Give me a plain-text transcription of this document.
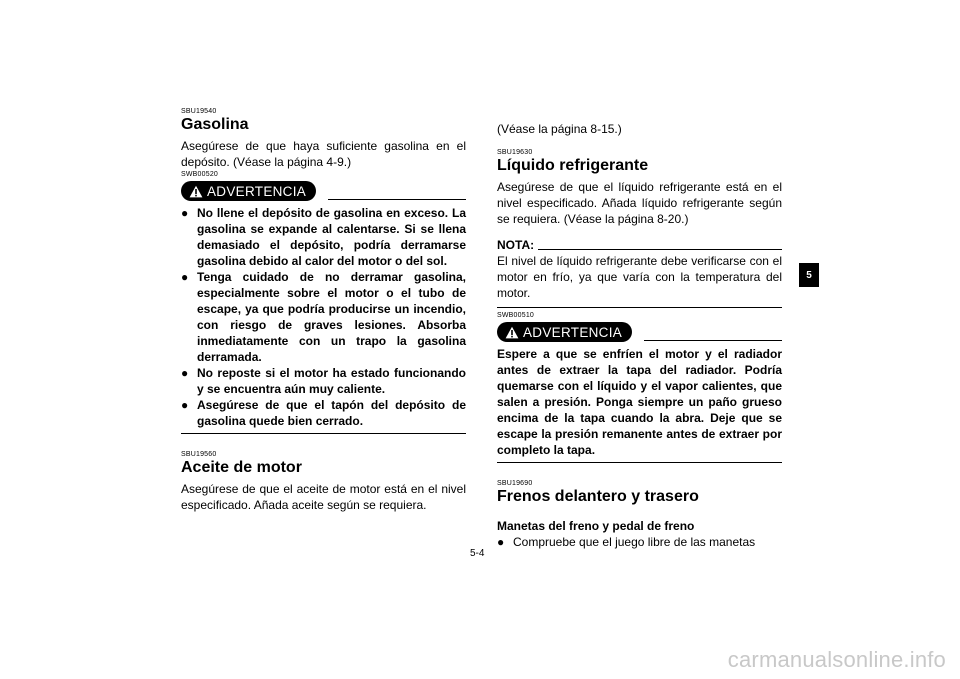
SBU19540

Gasolina

Asegúrese de que haya suficiente gasolina en el depósito. (Véase la página 4-9.)

SWB00520

ADVERTENCIA
● No llene el depósito de gasolina en exceso. La gasolina se expande al calentarse. Si se llena demasiado el depósito, podría derramarse gasolina debido al calor del motor o del sol.
● Tenga cuidado de no derramar gasolina, especialmente sobre el motor o el tubo de escape, ya que podría producirse un incendio, con riesgo de graves lesiones. Absorba inmediatamente con un trapo la gasolina derramada.
● No reposte si el motor ha estado funcionando y se encuentra aún muy caliente.
● Asegúrese de que el tapón del depósito de gasolina quede bien cerrado.

SBU19560

Aceite de motor

Asegúrese de que el aceite de motor está en el nivel especificado. Añada aceite según se requiera.

(Véase la página 8-15.)

SBU19630

Líquido refrigerante

Asegúrese de que el líquido refrigerante está en el nivel especificado. Añada líquido refrigerante según se requiera. (Véase la página 8-20.)

NOTA:

El nivel de líquido refrigerante debe verificarse con el motor en frío, ya que varía con la temperatura del motor.

SWB00510

ADVERTENCIA

Espere a que se enfríen el motor y el radiador antes de extraer la tapa del radiador. Podría quemarse con el líquido y el vapor calientes, que salen a presión. Ponga siempre un paño grueso encima de la tapa cuando la abra. Deje que se escape la presión remanente antes de extraer por completo la tapa.

SBU19690

Frenos delantero y trasero

Manetas del freno y pedal de freno

● Compruebe que el juego libre de las manetas
5-4
5
carmanualsonline.info
